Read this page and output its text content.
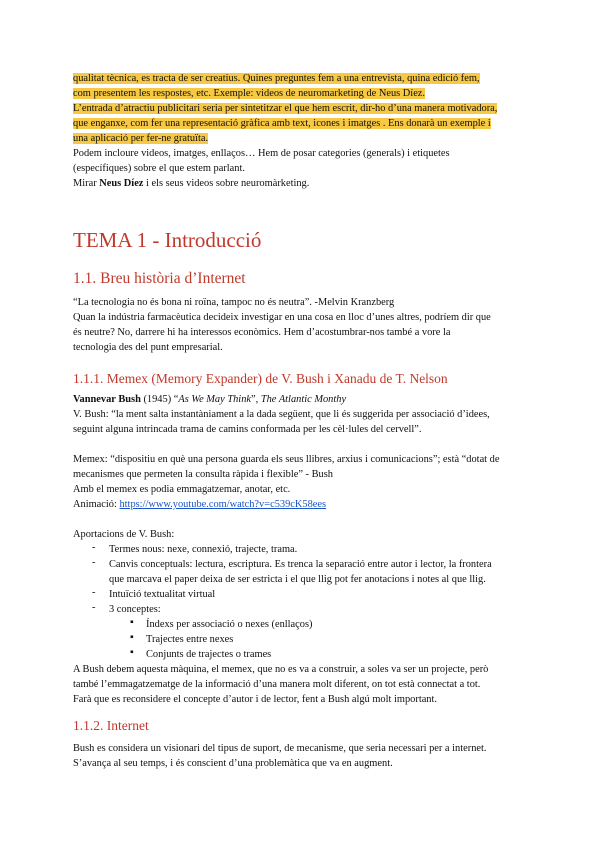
qualitat tècnica, es tracta de ser creatius. Quines preguntes fem a una entrevista, quina edició fem,
com presentem les respostes, etc. Exemple: videos de neuromarketing de Neus Díez.
L’entrada d’atractiu publicitari seria per sintetitzar el que hem escrit, dir-ho d’una manera motivadora,
que enganxe, com fer una representació gràfica amb text, icones i imatges . Ens donarà un exemple i
una aplicació per fer-ne gratuïta.
Podem incloure videos, imatges, enllaços… Hem de posar categories (generals) i etiquetes
(específiques) sobre el que estem parlant.
Mirar Neus Díez i els seus videos sobre neuromàrketing.
TEMA 1 - Introducció
1.1. Breu història d’Internet
“La tecnologia no és bona ni roïna, tampoc no és neutra”. -Melvin Kranzberg
Quan la indústria farmacèutica decideix investigar en una cosa en lloc d’unes altres, podríem dir que
és neutre? No, darrere hi ha interessos econòmics. Hem d’acostumbrar-nos també a vore la
tecnologia des del punt empresarial.
1.1.1. Memex (Memory Expander) de V. Bush i Xanadu de T. Nelson
Vannevar Bush (1945) “As We May Think”, The Atlantic Monthy
V. Bush: “la ment salta instantàniament a la dada següent, que li és suggerida per associació d’idees,
seguint alguna intrincada trama de camins conformada per les cèl·lules del cervell”.
Memex: “dispositiu en què una persona guarda els seus llibres, arxius i comunicacions”; està “dotat de
mecanismes que permeten la consulta ràpida i flexible” - Bush
Amb el memex es podia emmagatzemar, anotar, etc.
Animació: https://www.youtube.com/watch?v=c539cK58ees
Aportacions de V. Bush:
- Termes nous: nexe, connexió, trajecte, trama.
- Canvis conceptuals: lectura, escriptura. Es trenca la separació entre autor i lector, la frontera
que marcava el paper deixa de ser estricta i el que llig pot fer anotacions i notes al que llig.
- Intuïció textualitat virtual
- 3 conceptes:
▪ Índexs per associació o nexes (enllaços)
▪ Trajectes entre nexes
▪ Conjunts de trajectes o trames
A Bush debem aquesta màquina, el memex, que no es va a construir, a soles va ser un projecte, però
també l’emmagatzematge de la informació d’una manera molt diferent, on tot està connectat a tot.
Farà que es reconsidere el concepte d’autor i de lector, fent a Bush algú molt important.
1.1.2. Internet
Bush es considera un visionari del tipus de suport, de mecanisme, que seria necessari per a internet.
S’avança al seu temps, i és conscient d’una problemàtica que va en augment.
